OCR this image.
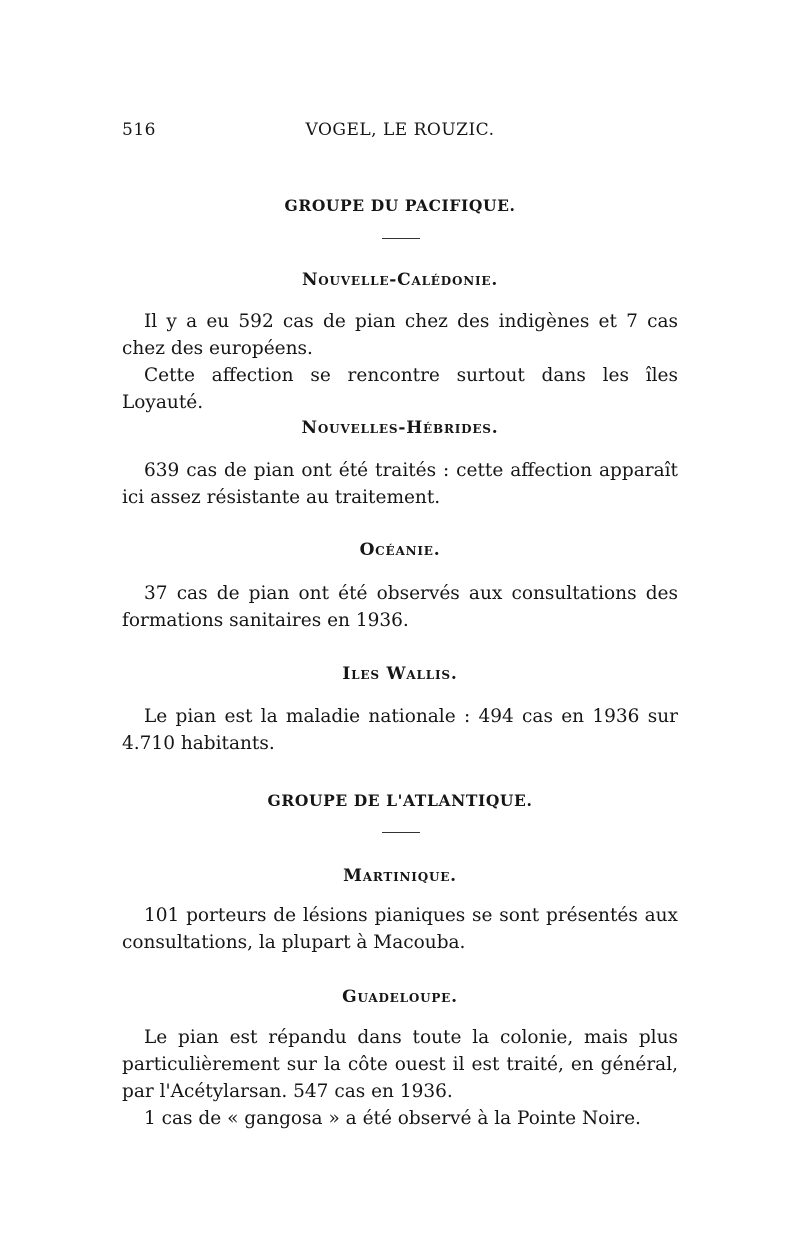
516	VOGEL, LE ROUZIC.
GROUPE DU PACIFIQUE.
Nouvelle-Calédonie.

Il y a eu 592 cas de pian chez des indigènes et 7 cas chez des européens.

Cette affection se rencontre surtout dans les îles Loyauté.

Nouvelles-Hébrides.

639 cas de pian ont été traités : cette affection apparaît ici assez résistante au traitement.

Océanie.

37 cas de pian ont été observés aux consultations des formations sanitaires en 1936.

Iles Wallis.

Le pian est la maladie nationale : 494 cas en 1936 sur 4.710 habitants.

GROUPE DE L'ATLANTIQUE.
Martinique.

101 porteurs de lésions pianiques se sont présentés aux consultations, la plupart à Macouba.

Guadeloupe.

Le pian est répandu dans toute la colonie, mais plus particulièrement sur la côte ouest il est traité, en général, par l'Acétylarsan. 547 cas en 1936.

1 cas de « gangosa » a été observé à la Pointe Noire.
